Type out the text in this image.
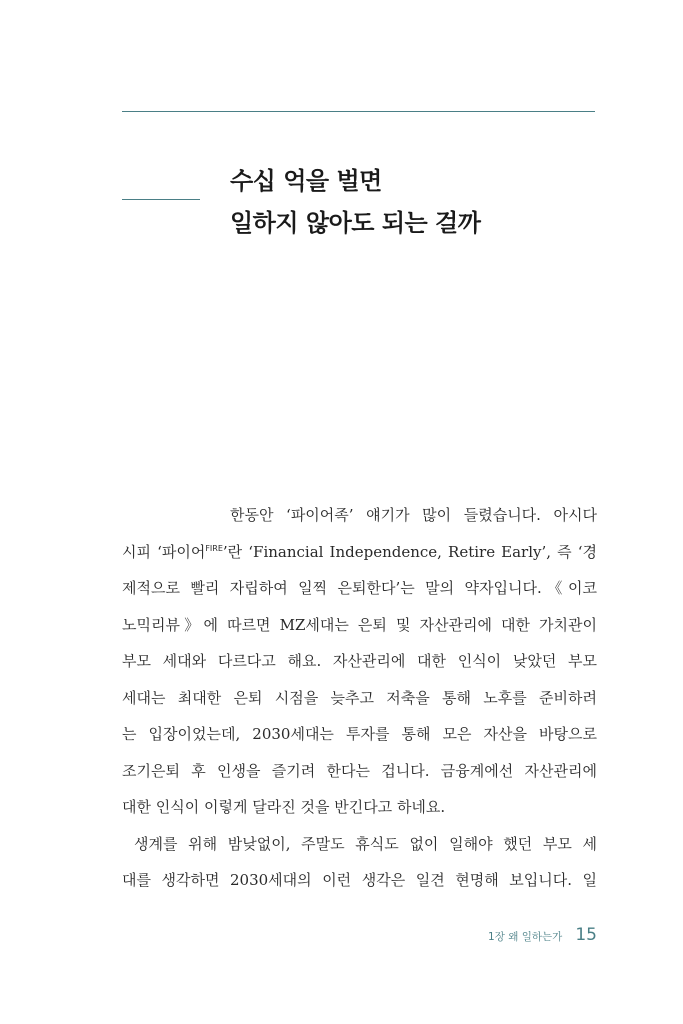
수십 억을 벌면
일하지 않아도 되는 걸까
한동안 ‘파이어족’ 얘기가 많이 들렸습니다. 아시다
시피 ‘파이어$^{FIRE}$’란 ‘Financial Independence, Retire Early’, 즉 ‘경
제적으로 빨리 자립하여 일찍 은퇴한다’는 말의 약자입니다.《이코
노믹리뷰》에 따르면 MZ세대는 은퇴 및 자산관리에 대한 가치관이
부모 세대와 다르다고 해요. 자산관리에 대한 인식이 낮았던 부모
세대는 최대한 은퇴 시점을 늦추고 저축을 통해 노후를 준비하려
는 입장이었는데, 2030세대는 투자를 통해 모은 자산을 바탕으로
조기은퇴 후 인생을 즐기려 한다는 겁니다. 금융계에선 자산관리에
대한 인식이 이렇게 달라진 것을 반긴다고 하네요.
생계를 위해 밤낮없이, 주말도 휴식도 없이 일해야 했던 부모 세
대를 생각하면 2030세대의 이런 생각은 일견 현명해 보입니다. 일
1장 왜 일하는가 15
